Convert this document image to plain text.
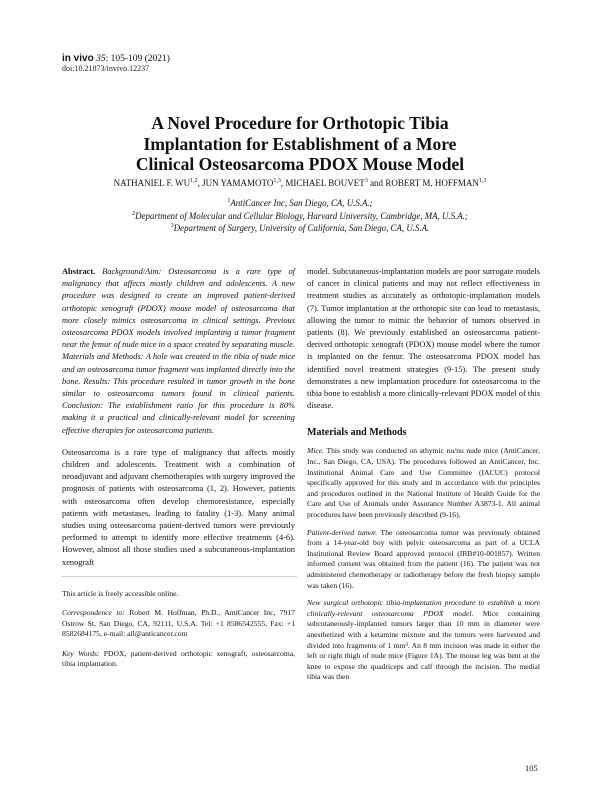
in vivo 35: 105-109 (2021)
doi:10.21873/invivo.12237
A Novel Procedure for Orthotopic Tibia
Implantation for Establishment of a More
Clinical Osteosarcoma PDOX Mouse Model
NATHANIEL F. WU$^{1,2}$, JUN YAMAMOTO$^{1,3}$, MICHAEL BOUVET$^3$ and ROBERT M. HOFFMAN$^{1,3}$
$^1$AntiCancer Inc, San Diego, CA, U.S.A.;
$^2$Department of Molecular and Cellular Biology, Harvard University, Cambridge, MA, U.S.A.;
$^3$Department of Surgery, University of California, San Diego, CA, U.S.A.

Abstract. Background/Aim: Osteosarcoma is a rare type of malignancy that affects mostly children and adolescents. A new procedure was designed to create an improved patient-derived orthotopic xenograft (PDOX) mouse model of osteosarcoma that more closely mimics osteosarcoma in clinical settings. Previous osteosarcoma PDOX models involved implanting a tumor fragment near the femur of nude mice in a space created by separating muscle. Materials and Methods: A hole was created in the tibia of nude mice and an osteosarcoma tumor fragment was implanted directly into the bone. Results: This procedure resulted in tumor growth in the bone similar to osteosarcoma tumors found in clinical patients. Conclusion: The establishment ratio for this procedure is 80% making it a practical and clinically-relevant model for screening effective therapies for osteosarcoma patients.

Osteosarcoma is a rare type of malignancy that affects mostly children and adolescents. Treatment with a combination of neoadjuvant and adjuvant chemotherapies with surgery improved the prognosis of patients with osteosarcoma (1, 2). However, patients with osteosarcoma often develop chemoresistance, especially patients with metastases, leading to fatality (1-3). Many animal studies using osteosarcoma patient-derived tumors were previously performed to attempt to identify more effective treatments (4-6). However, almost all those studies used a subcutaneous-implantation xenograft

This article is freely accessible online.

Correspondence to: Robert M. Hoffman, Ph.D., AntiCancer Inc, 7917 Ostrow St, San Diego, CA, 92111, U.S.A. Tel: +1 8586542555, Fax: +1 8582684175, e-mail: all@anticancer.com

Key Words: PDOX, patient-derived orthotopic xenograft, osteosarcoma, tibia implantation.

model. Subcutaneous-implantation models are poor surrogate models of cancer in clinical patients and may not reflect effectiveness in treatment studies as accurately as orthotopic-implantation models (7). Tumor implantation at the orthotopic site can lead to metastasis, allowing the tumor to mimic the behavior of tumors observed in patients (8). We previously established an osteosarcoma patient-derived orthotopic xenograft (PDOX) mouse model where the tumor is implanted on the femur. The osteosarcoma PDOX model has identified novel treatment strategies (9-15). The present study demonstrates a new implantation procedure for osteosarcoma to the tibia bone to establish a more clinically-relevant PDOX model of this disease.

Materials and Methods

Mice. This study was conducted on athymic nu/nu nude mice (AntiCancer, Inc., San Diego, CA, USA). The procedures followed an AntiCancer, Inc. Institutional Animal Care and Use Committee (IACUC) protocol specifically approved for this study and in accordance with the principles and procedures outlined in the National Institute of Health Guide for the Care and Use of Animals under Assurance Number A3873-1. All animal procedures have been previously described (9-16).

Patient-derived tumor. The osteosarcoma tumor was previously obtained from a 14-year-old boy with pelvic osteosarcoma as part of a UCLA Institutional Review Board approved protocol (IRB#10-001857). Written informed consent was obtained from the patient (16). The patient was not administered chemotherapy or radiotherapy before the fresh biopsy sample was taken (16).

New surgical orthotopic tibia-implantation procedure to establish a more clinically-relevant osteosarcoma PDOX model. Mice containing subcutaneously-implanted tumors larger than 10 mm in diameter were anesthetized with a ketamine mixture and the tumors were harvested and divided into fragments of 1 mm³. An 8 mm incision was made in either the left or right thigh of nude mice (Figure 1A). The mouse leg was bent at the knee to expose the quadriceps and calf through the incision. The medial tibia was then

105
